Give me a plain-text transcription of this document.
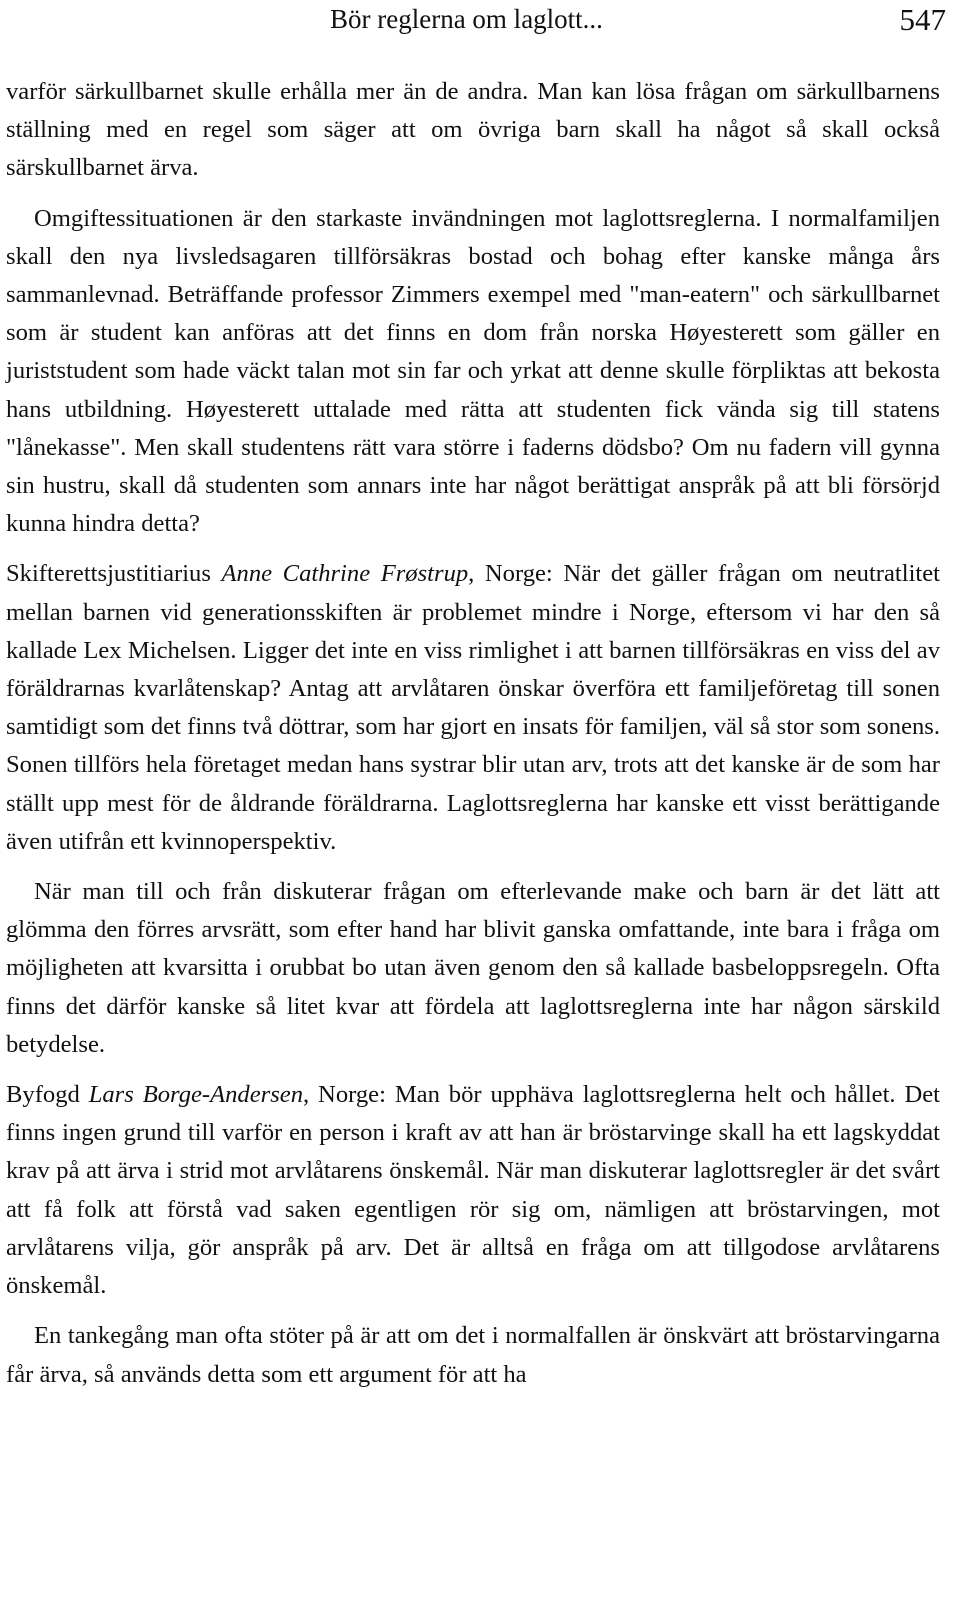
Bör reglerna om laglott...	547

varför särkullbarnet skulle erhålla mer än de andra. Man kan lösa frågan om särkullbarnens ställning med en regel som säger att om övriga barn skall ha något så skall också särskullbarnet ärva.

Omgiftessituationen är den starkaste invändningen mot laglottsreglerna. I normalfamiljen skall den nya livsledsagaren tillförsäkras bostad och bohag efter kanske många års sammanlevnad. Beträffande professor Zimmers exempel med "man-eatern" och särkullbarnet som är student kan anföras att det finns en dom från norska Høyesterett som gäller en juriststudent som hade väckt talan mot sin far och yrkat att denne skulle förpliktas att bekosta hans utbildning. Høyesterett uttalade med rätta att studenten fick vända sig till statens "lånekasse". Men skall studentens rätt vara större i faderns dödsbo? Om nu fadern vill gynna sin hustru, skall då studenten som annars inte har något berättigat anspråk på att bli försörjd kunna hindra detta?

Skifterettsjustitiarius Anne Cathrine Frøstrup, Norge: När det gäller frågan om neutratlitet mellan barnen vid generationsskiften är problemet mindre i Norge, eftersom vi har den så kallade Lex Michelsen. Ligger det inte en viss rimlighet i att barnen tillförsäkras en viss del av föräldrarnas kvarlåtenskap? Antag att arvlåtaren önskar överföra ett familjeföretag till sonen samtidigt som det finns två döttrar, som har gjort en insats för familjen, väl så stor som sonens. Sonen tillförs hela företaget medan hans systrar blir utan arv, trots att det kanske är de som har ställt upp mest för de åldrande föräldrarna. Laglottsreglerna har kanske ett visst berättigande även utifrån ett kvinnoperspektiv.

När man till och från diskuterar frågan om efterlevande make och barn är det lätt att glömma den förres arvsrätt, som efter hand har blivit ganska omfattande, inte bara i fråga om möjligheten att kvarsitta i orubbat bo utan även genom den så kallade basbeloppsregeln. Ofta finns det därför kanske så litet kvar att fördela att laglottsreglerna inte har någon särskild betydelse.

Byfogd Lars Borge-Andersen, Norge: Man bör upphäva laglottsreglerna helt och hållet. Det finns ingen grund till varför en person i kraft av att han är bröstarvinge skall ha ett lagskyddat krav på att ärva i strid mot arvlåtarens önskemål. När man diskuterar laglottsregler är det svårt att få folk att förstå vad saken egentligen rör sig om, nämligen att bröstarvingen, mot arvlåtarens vilja, gör anspråk på arv. Det är alltså en fråga om att tillgodose arvlåtarens önskemål.

En tankegång man ofta stöter på är att om det i normalfallen är önskvärt att bröstarvingarna får ärva, så används detta som ett argument för att ha
